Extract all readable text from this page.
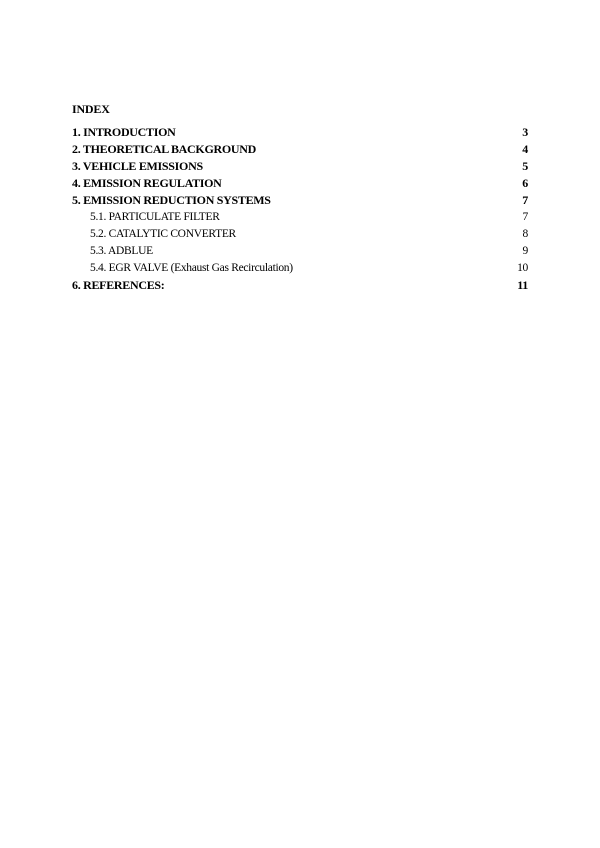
INDEX
1. INTRODUCTION	3
2. THEORETICAL BACKGROUND	4
3. VEHICLE EMISSIONS	5
4. EMISSION REGULATION	6
5. EMISSION REDUCTION SYSTEMS	7
5.1. PARTICULATE FILTER	7
5.2. CATALYTIC CONVERTER	8
5.3. ADBLUE	9
5.4. EGR VALVE (Exhaust Gas Recirculation)	10
6. REFERENCES:	11
